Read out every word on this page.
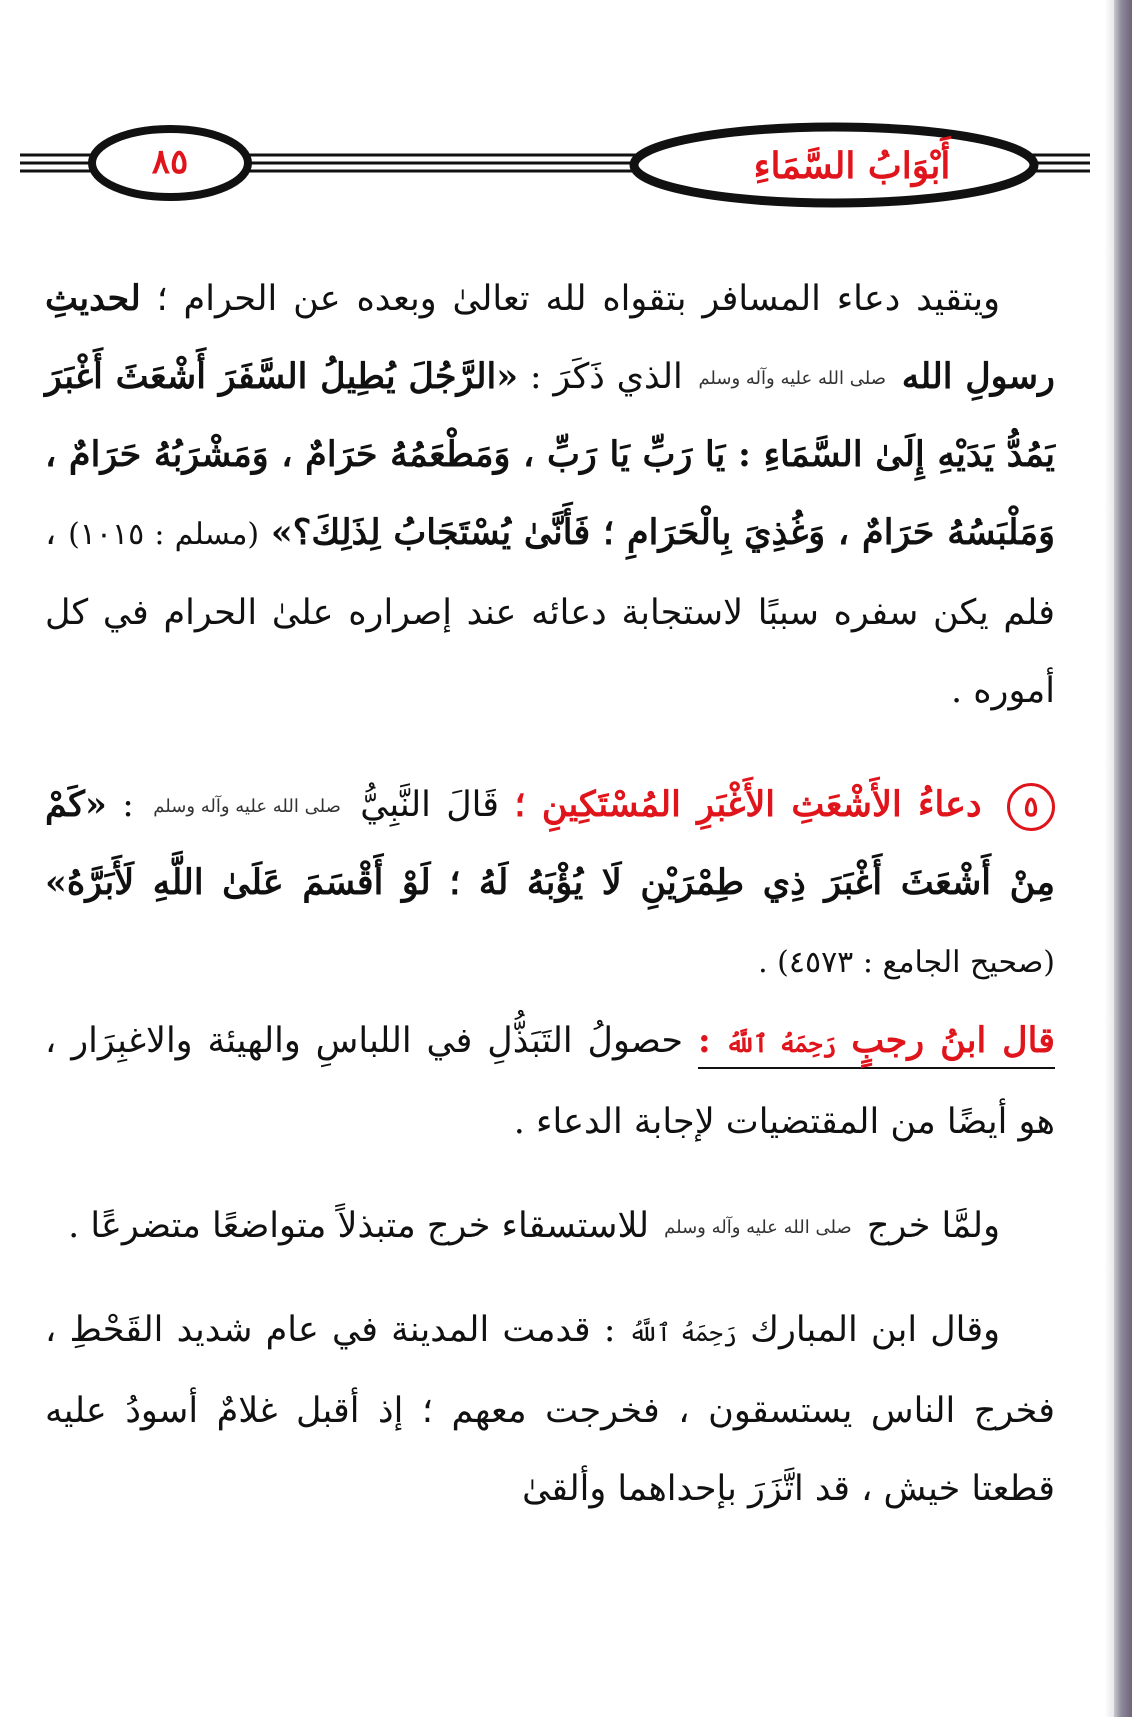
أَبْوَابُ السَّمَاءِ
٨٥

ويتقيد دعاء المسافر بتقواه لله تعالىٰ وبعده عن الحرام ؛ لحديثِ رسولِ الله صلى الله عليه وآله وسلم الذي ذَكَرَ : «الرَّجُلَ يُطِيلُ السَّفَرَ أَشْعَثَ أَغْبَرَ يَمُدُّ يَدَيْهِ إِلَىٰ السَّمَاءِ : يَا رَبِّ يَا رَبِّ ، وَمَطْعَمُهُ حَرَامٌ ، وَمَشْرَبُهُ حَرَامٌ ، وَمَلْبَسُهُ حَرَامٌ ، وَغُذِيَ بِالْحَرَامِ ؛ فَأَنَّىٰ يُسْتَجَابُ لِذَلِكَ؟» (مسلم : ١٠١٥) ، فلم يكن سفره سببًا لاستجابة دعائه عند إصراره علىٰ الحرام في كل أموره .

٥ دعاءُ الأَشْعَثِ الأَغْبَرِ المُسْتَكِينِ ؛ قَالَ النَّبِيُّ صلى الله عليه وآله وسلم : «كَمْ مِنْ أَشْعَثَ أَغْبَرَ ذِي طِمْرَيْنِ لَا يُؤْبَهُ لَهُ ؛ لَوْ أَقْسَمَ عَلَىٰ اللَّهِ لَأَبَرَّهُ» (صحيح الجامع : ٤٥٧٣) .

قال ابنُ رجبٍ رَحِمَهُ ٱللَّهُ : حصولُ التَبَذُّلِ في اللباسِ والهيئة والاغبِرَار ، هو أيضًا من المقتضيات لإجابة الدعاء .

ولمَّا خرج صلى الله عليه وآله وسلم للاستسقاء خرج متبذلاً متواضعًا متضرعًا .

وقال ابن المبارك رَحِمَهُ ٱللَّهُ : قدمت المدينة في عام شديد القَحْطِ ، فخرج الناس يستسقون ، فخرجت معهم ؛ إذ أقبل غلامٌ أسودُ عليه قطعتا خيش ، قد اتَّزَرَ بإحداهما وألقىٰ
